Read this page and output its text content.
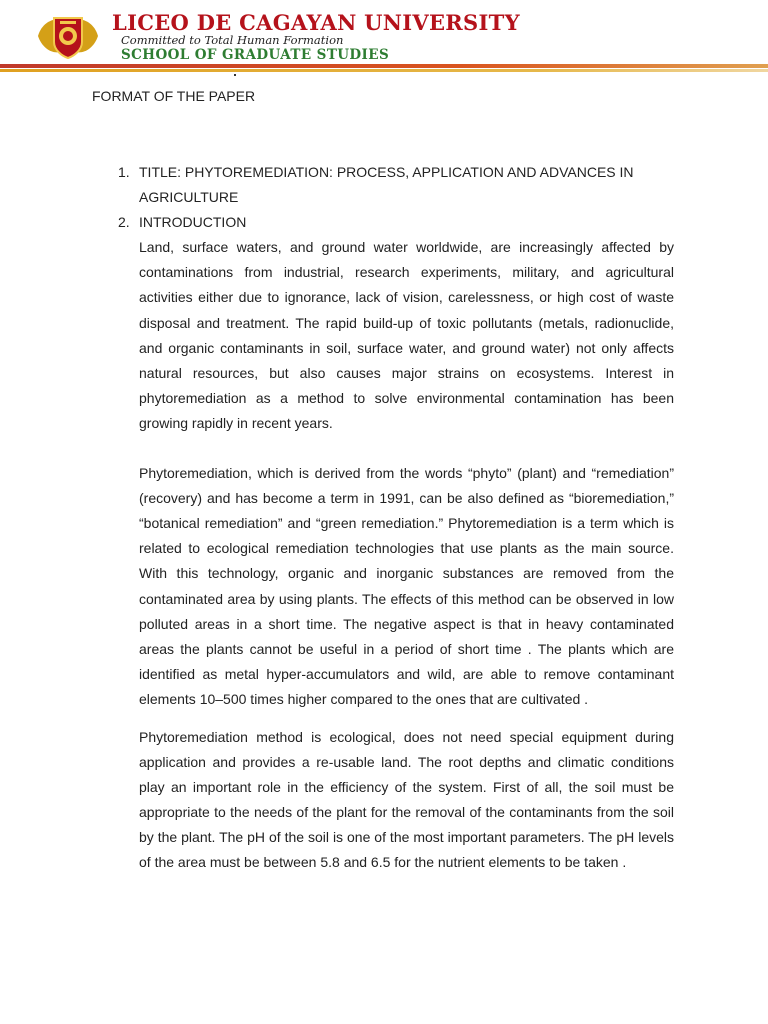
LICEO DE CAGAYAN UNIVERSITY
Committed to Total Human Formation
SCHOOL OF GRADUATE STUDIES
FORMAT OF THE PAPER
1. TITLE: PHYTOREMEDIATION: PROCESS, APPLICATION AND ADVANCES IN AGRICULTURE
2. INTRODUCTION

Land, surface waters, and ground water worldwide, are increasingly affected by contaminations from industrial, research experiments, military, and agricultural activities either due to ignorance, lack of vision, carelessness, or high cost of waste disposal and treatment. The rapid build-up of toxic pollutants (metals, radionuclide, and organic contaminants in soil, surface water, and ground water) not only affects natural resources, but also causes major strains on ecosystems. Interest in phytoremediation as a method to solve environmental contamination has been growing rapidly in recent years.

Phytoremediation, which is derived from the words “phyto” (plant) and “remediation” (recovery) and has become a term in 1991, can be also defined as “bioremediation,” “botanical remediation” and “green remediation.” Phytoremediation is a term which is related to ecological remediation technologies that use plants as the main source. With this technology, organic and inorganic substances are removed from the contaminated area by using plants. The effects of this method can be observed in low polluted areas in a short time. The negative aspect is that in heavy contaminated areas the plants cannot be useful in a period of short time . The plants which are identified as metal hyper-accumulators and wild, are able to remove contaminant elements 10–500 times higher compared to the ones that are cultivated .

Phytoremediation method is ecological, does not need special equipment during application and provides a re-usable land. The root depths and climatic conditions play an important role in the efficiency of the system. First of all, the soil must be appropriate to the needs of the plant for the removal of the contaminants from the soil by the plant. The pH of the soil is one of the most important parameters. The pH levels of the area must be between 5.8 and 6.5 for the nutrient elements to be taken .
